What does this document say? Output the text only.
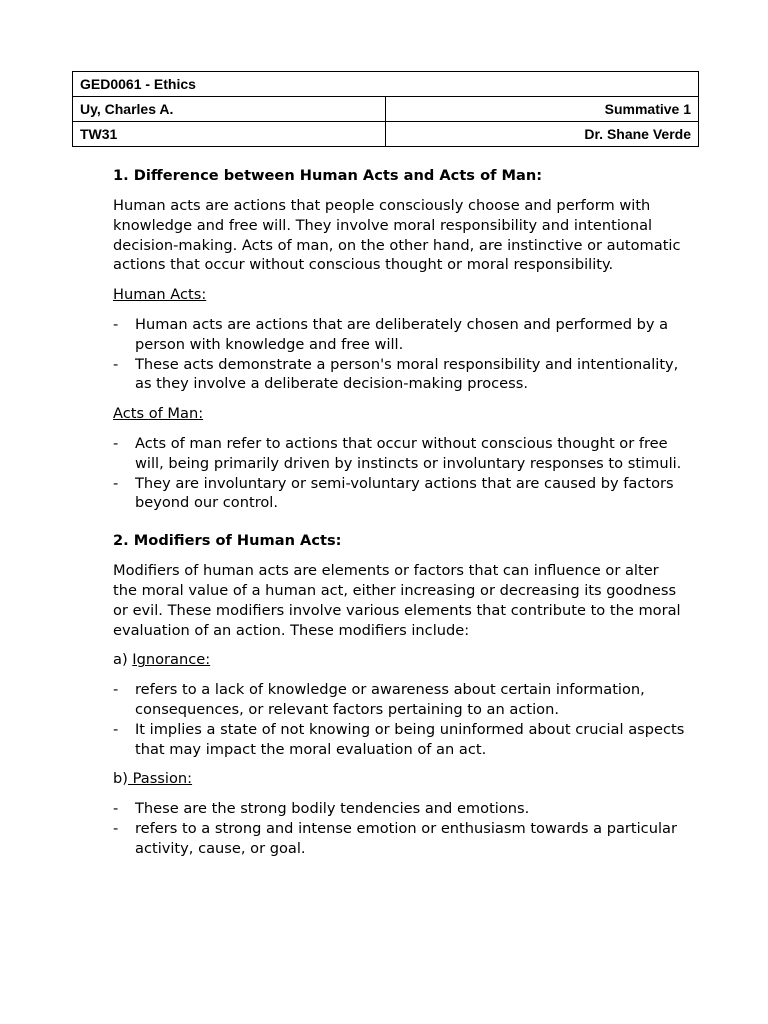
GED0061 - Ethics	
Uy, Charles A.	Summative 1
TW31	Dr. Shane Verde
1. Difference between Human Acts and Acts of Man:

Human acts are actions that people consciously choose and perform with knowledge and free will. They involve moral responsibility and intentional decision-making. Acts of man, on the other hand, are instinctive or automatic actions that occur without conscious thought or moral responsibility.

Human Acts:

- Human acts are actions that are deliberately chosen and performed by a person with knowledge and free will.
- These acts demonstrate a person's moral responsibility and intentionality, as they involve a deliberate decision-making process.

Acts of Man:

- Acts of man refer to actions that occur without conscious thought or free will, being primarily driven by instincts or involuntary responses to stimuli.
- They are involuntary or semi-voluntary actions that are caused by factors beyond our control.
2. Modifiers of Human Acts:

Modifiers of human acts are elements or factors that can influence or alter the moral value of a human act, either increasing or decreasing its goodness or evil. These modifiers involve various elements that contribute to the moral evaluation of an action. These modifiers include:

a) Ignorance:

- refers to a lack of knowledge or awareness about certain information, consequences, or relevant factors pertaining to an action.
- It implies a state of not knowing or being uninformed about crucial aspects that may impact the moral evaluation of an act.

b) Passion:

- These are the strong bodily tendencies and emotions.
- refers to a strong and intense emotion or enthusiasm towards a particular activity, cause, or goal.
